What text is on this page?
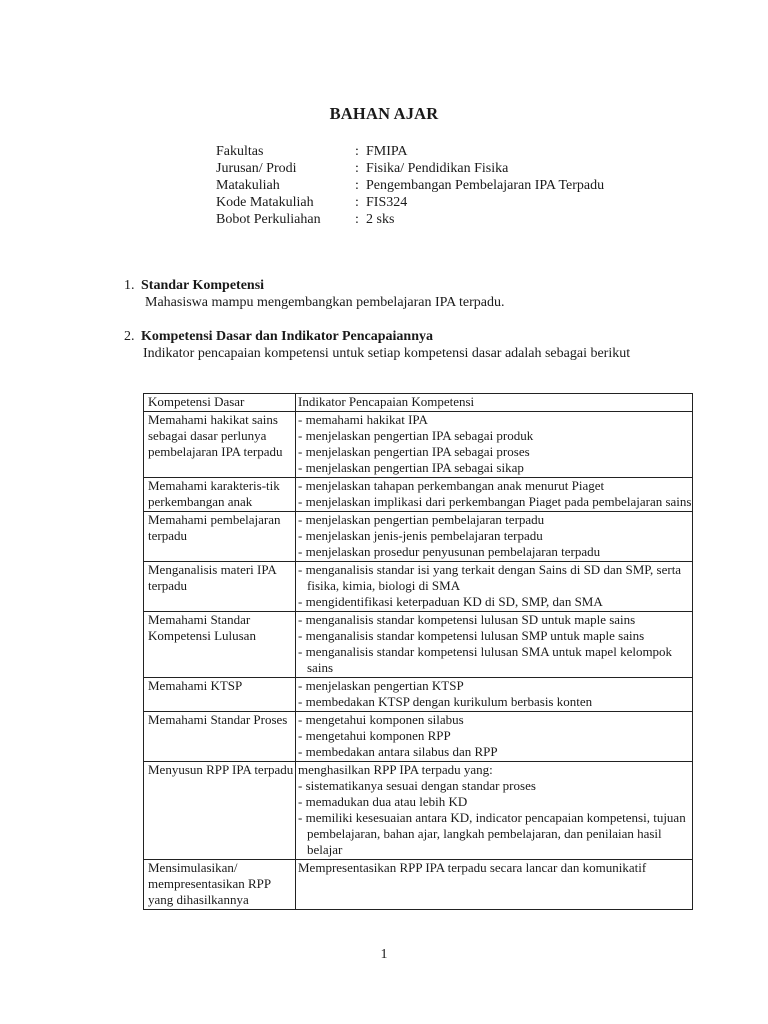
BAHAN AJAR
Fakultas	: FMIPA
Jurusan/ Prodi	: Fisika/ Pendidikan Fisika
Matakuliah	: Pengembangan Pembelajaran IPA Terpadu
Kode Matakuliah	: FIS324
Bobot Perkuliahan : 2 sks
1. Standar Kompetensi
Mahasiswa mampu mengembangkan pembelajaran IPA terpadu.
2. Kompetensi Dasar dan Indikator Pencapaiannya
Indikator pencapaian kompetensi untuk setiap kompetensi dasar adalah sebagai berikut
Kompetensi Dasar	Indikator Pencapaian Kompetensi
Memahami hakikat sains sebagai dasar perlunya pembelajaran IPA terpadu	- memahami hakikat IPA
- menjelaskan pengertian IPA sebagai produk
- menjelaskan pengertian IPA sebagai proses
- menjelaskan pengertian IPA sebagai sikap

Memahami karakteris-tik perkembangan anak	- menjelaskan tahapan perkembangan anak menurut Piaget
- menjelaskan implikasi dari perkembangan Piaget pada pembelajaran sains

Memahami pembelajaran terpadu	- menjelaskan pengertian pembelajaran terpadu
- menjelaskan jenis-jenis pembelajaran terpadu
- menjelaskan prosedur penyusunan pembelajaran terpadu

Menganalisis materi IPA terpadu	- menganalisis standar isi yang terkait dengan Sains di SD dan SMP, serta fisika, kimia, biologi di SMA
- mengidentifikasi keterpaduan KD di SD, SMP, dan SMA

Memahami Standar Kompetensi Lulusan	- menganalisis standar kompetensi lulusan SD untuk maple sains
- menganalisis standar kompetensi lulusan SMP untuk maple sains
- menganalisis standar kompetensi lulusan SMA untuk mapel kelompok sains

Memahami KTSP	- menjelaskan pengertian KTSP
- membedakan KTSP dengan kurikulum berbasis konten

Memahami Standar Proses	- mengetahui komponen silabus
- mengetahui komponen RPP
- membedakan antara silabus dan RPP

Menyusun RPP IPA terpadu	menghasilkan RPP IPA terpadu yang:
- sistematikanya sesuai dengan standar proses
- memadukan dua atau lebih KD
- memiliki kesesuaian antara KD, indicator pencapaian kompetensi, tujuan pembelajaran, bahan ajar, langkah pembelajaran, dan penilaian hasil belajar

Mensimulasikan/ mempresentasikan RPP yang dihasilkannya	Mempresentasikan RPP IPA terpadu secara lancar dan komunikatif
1
